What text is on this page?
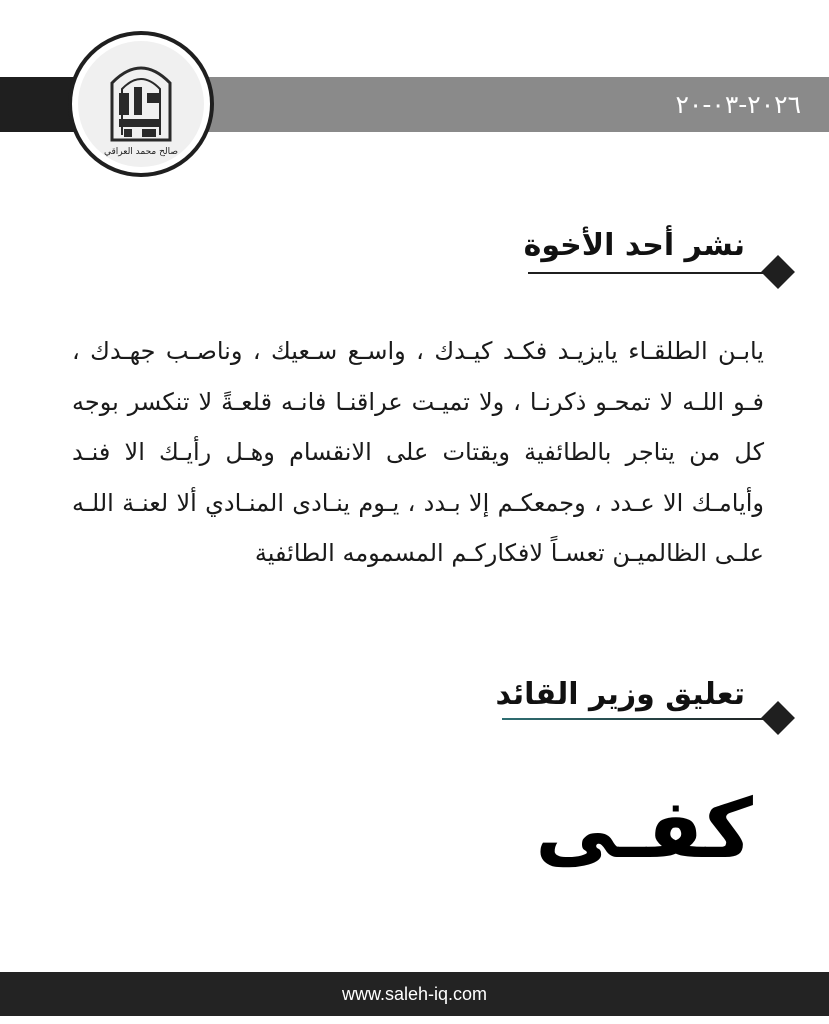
٢٠٢٦-٠٣-٢٠
صالح محمد العراقي
نشر أحد الأخوة
يابـن الطلقـاء يايزيـد فكـد كيـدك ، واسـع سـعيك ، وناصـب جهـدك ، فـو اللـه لا تمحـو ذكرنـا ، ولا تميـت عراقنـا فانـه قلعـةً لا تنكسر بوجه كل من يتاجر بالطائفية ويقتات على الانقسام وهـل رأيـك الا فنـد وأيامـك الا عـدد ، وجمعكـم إلا بـدد ، يـوم ينـادى المنـادي ألا لعنـة اللـه علـى الظالميـن تعسـاً لافكاركـم المسمومه الطائفية
تعليق وزير القائد
كفـى
www.saleh-iq.com
